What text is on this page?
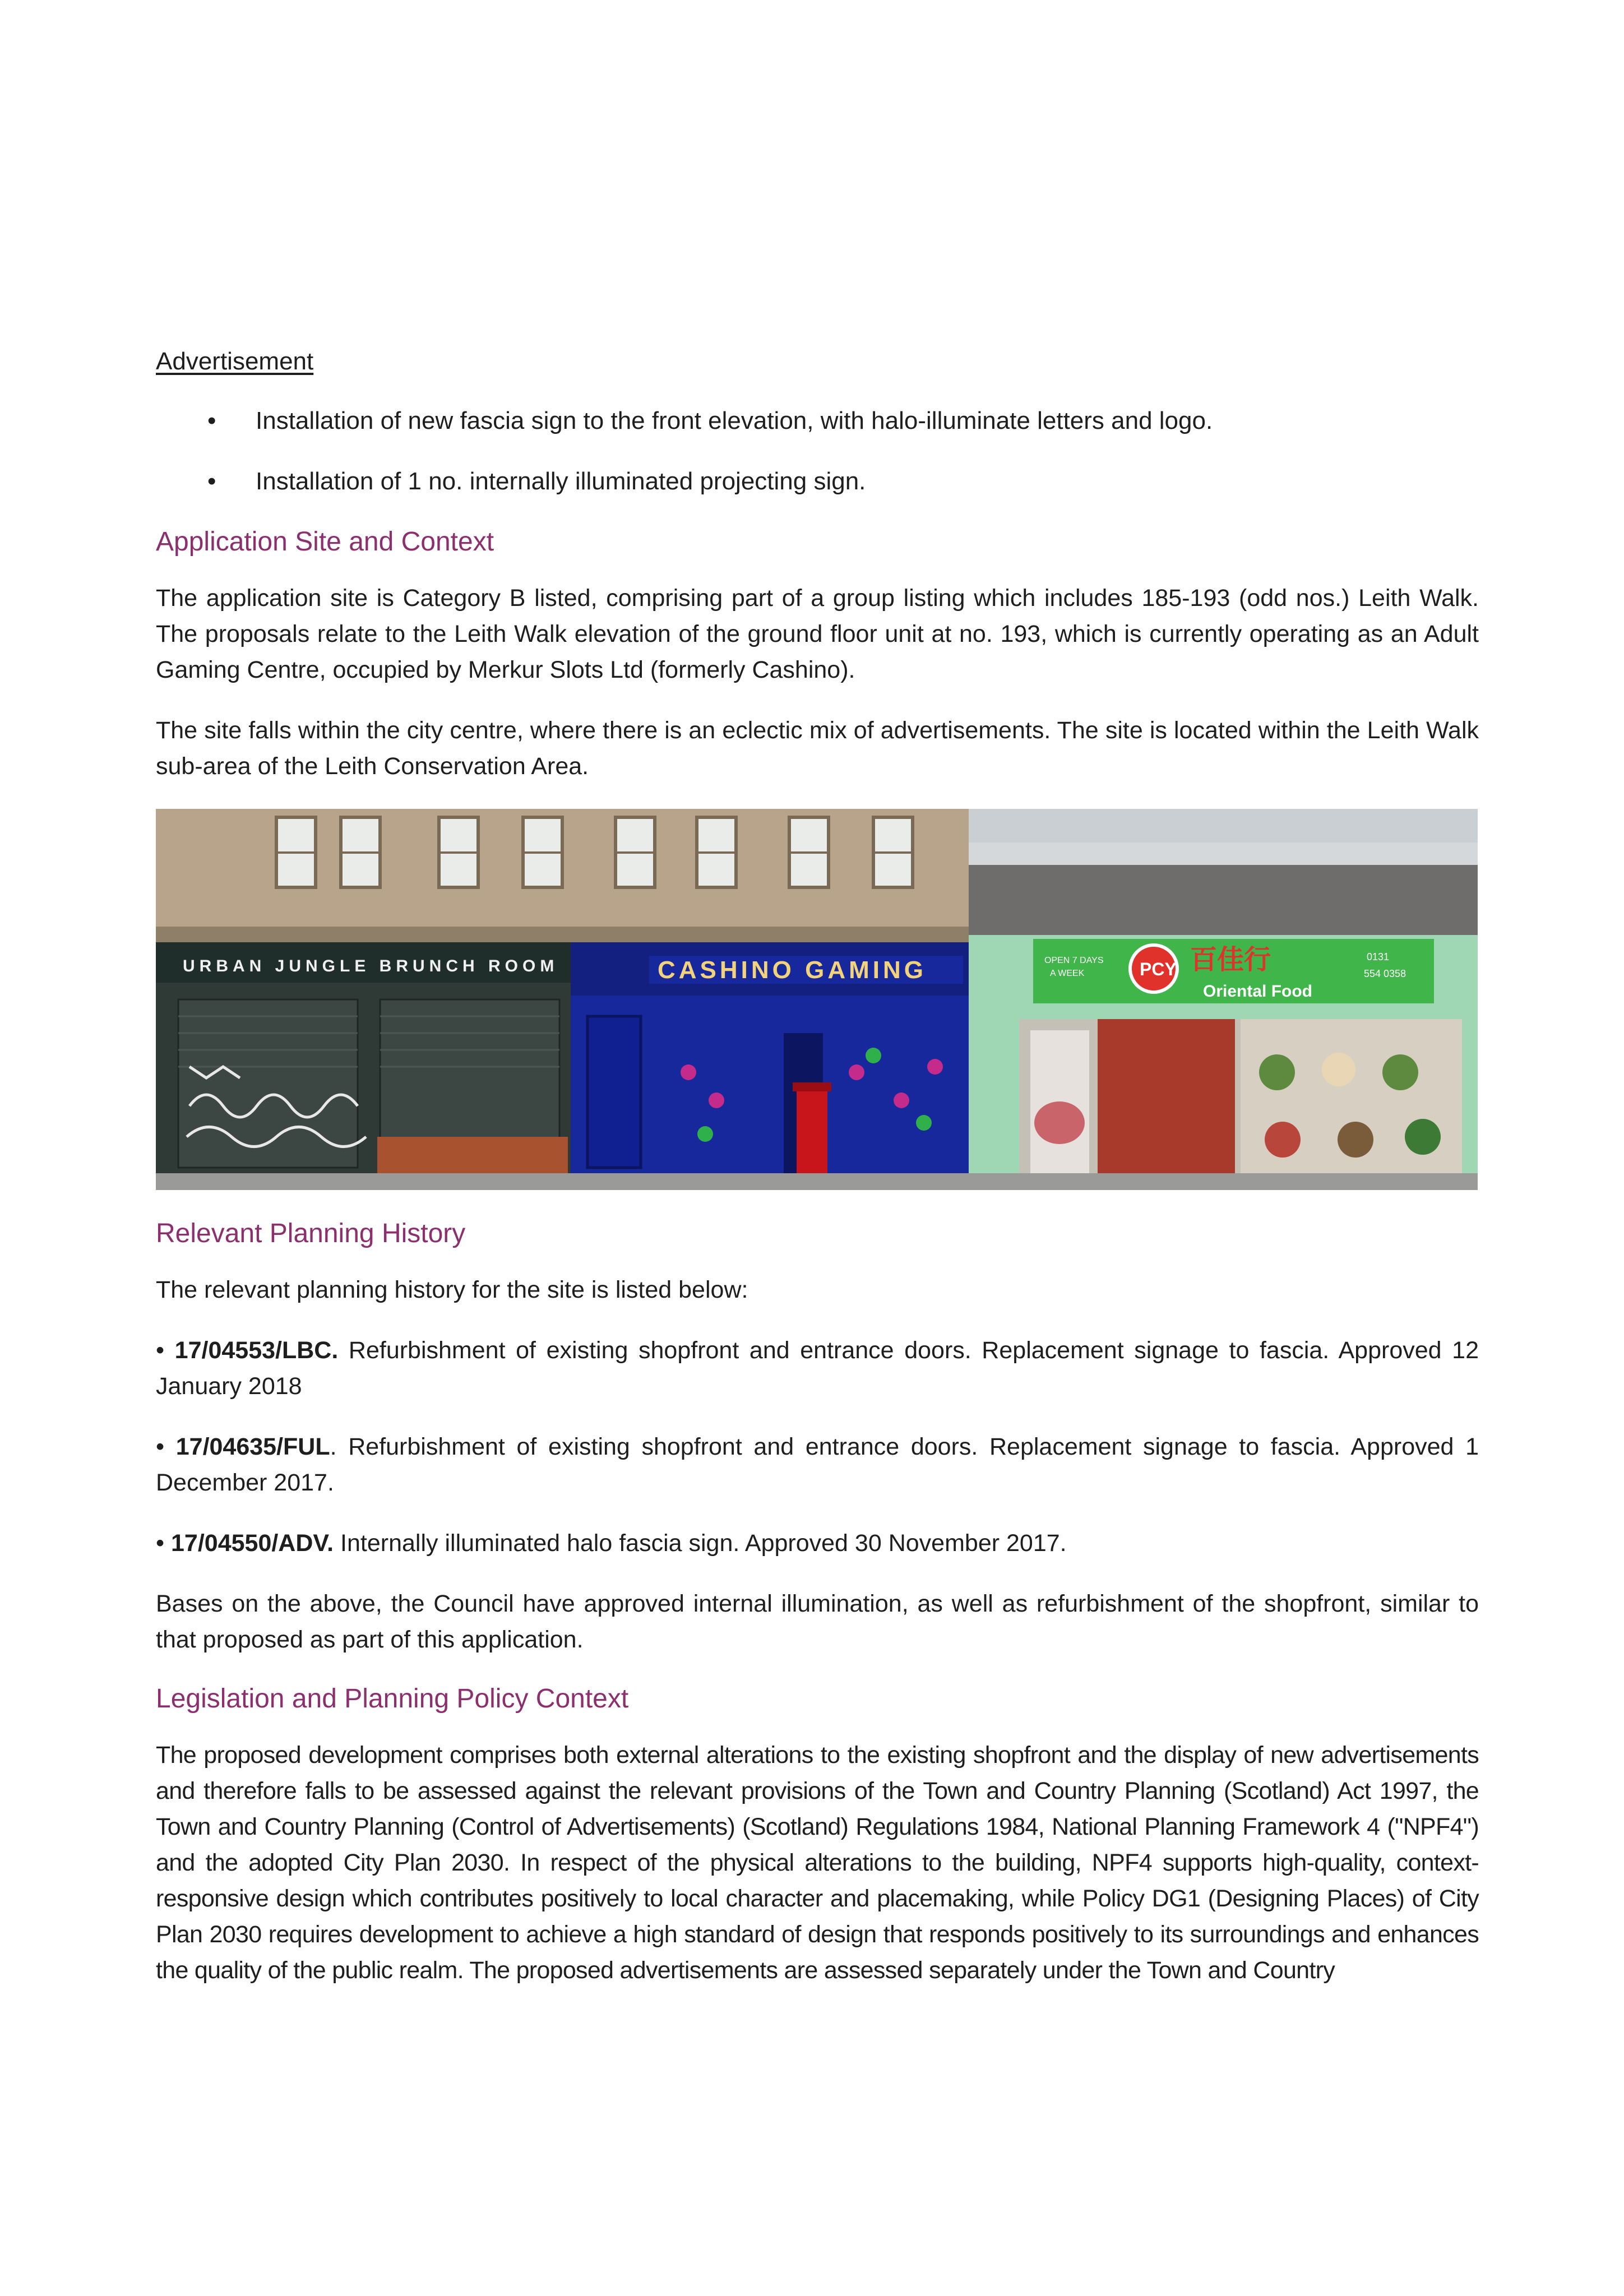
Advertisement
• Installation of new fascia sign to the front elevation, with halo-illuminate letters and logo.
• Installation of 1 no. internally illuminated projecting sign.
Application Site and Context

The application site is Category B listed, comprising part of a group listing which includes 185-193 (odd nos.) Leith Walk. The proposals relate to the Leith Walk elevation of the ground floor unit at no. 193, which is currently operating as an Adult Gaming Centre, occupied by Merkur Slots Ltd (formerly Cashino).

The site falls within the city centre, where there is an eclectic mix of advertisements. The site is located within the Leith Walk sub-area of the Leith Conservation Area.

URBAN JUNGLE BRUNCH ROOM	CASHINO GAMING	OPEN 7 DAYS
A WEEK	PCY 百佳行
Oriental Food
0131
554 0358
Relevant Planning History

The relevant planning history for the site is listed below:

• 17/04553/LBC. Refurbishment of existing shopfront and entrance doors. Replacement signage to fascia. Approved 12 January 2018

• 17/04635/FUL. Refurbishment of existing shopfront and entrance doors. Replacement signage to fascia. Approved 1 December 2017.

• 17/04550/ADV. Internally illuminated halo fascia sign. Approved 30 November 2017.

Bases on the above, the Council have approved internal illumination, as well as refurbishment of the shopfront, similar to that proposed as part of this application.

Legislation and Planning Policy Context

The proposed development comprises both external alterations to the existing shopfront and the display of new advertisements and therefore falls to be assessed against the relevant provisions of the Town and Country Planning (Scotland) Act 1997, the Town and Country Planning (Control of Advertisements) (Scotland) Regulations 1984, National Planning Framework 4 ("NPF4") and the adopted City Plan 2030. In respect of the physical alterations to the building, NPF4 supports high-quality, context-responsive design which contributes positively to local character and placemaking, while Policy DG1 (Designing Places) of City Plan 2030 requires development to achieve a high standard of design that responds positively to its surroundings and enhances the quality of the public realm. The proposed advertisements are assessed separately under the Town and Country
